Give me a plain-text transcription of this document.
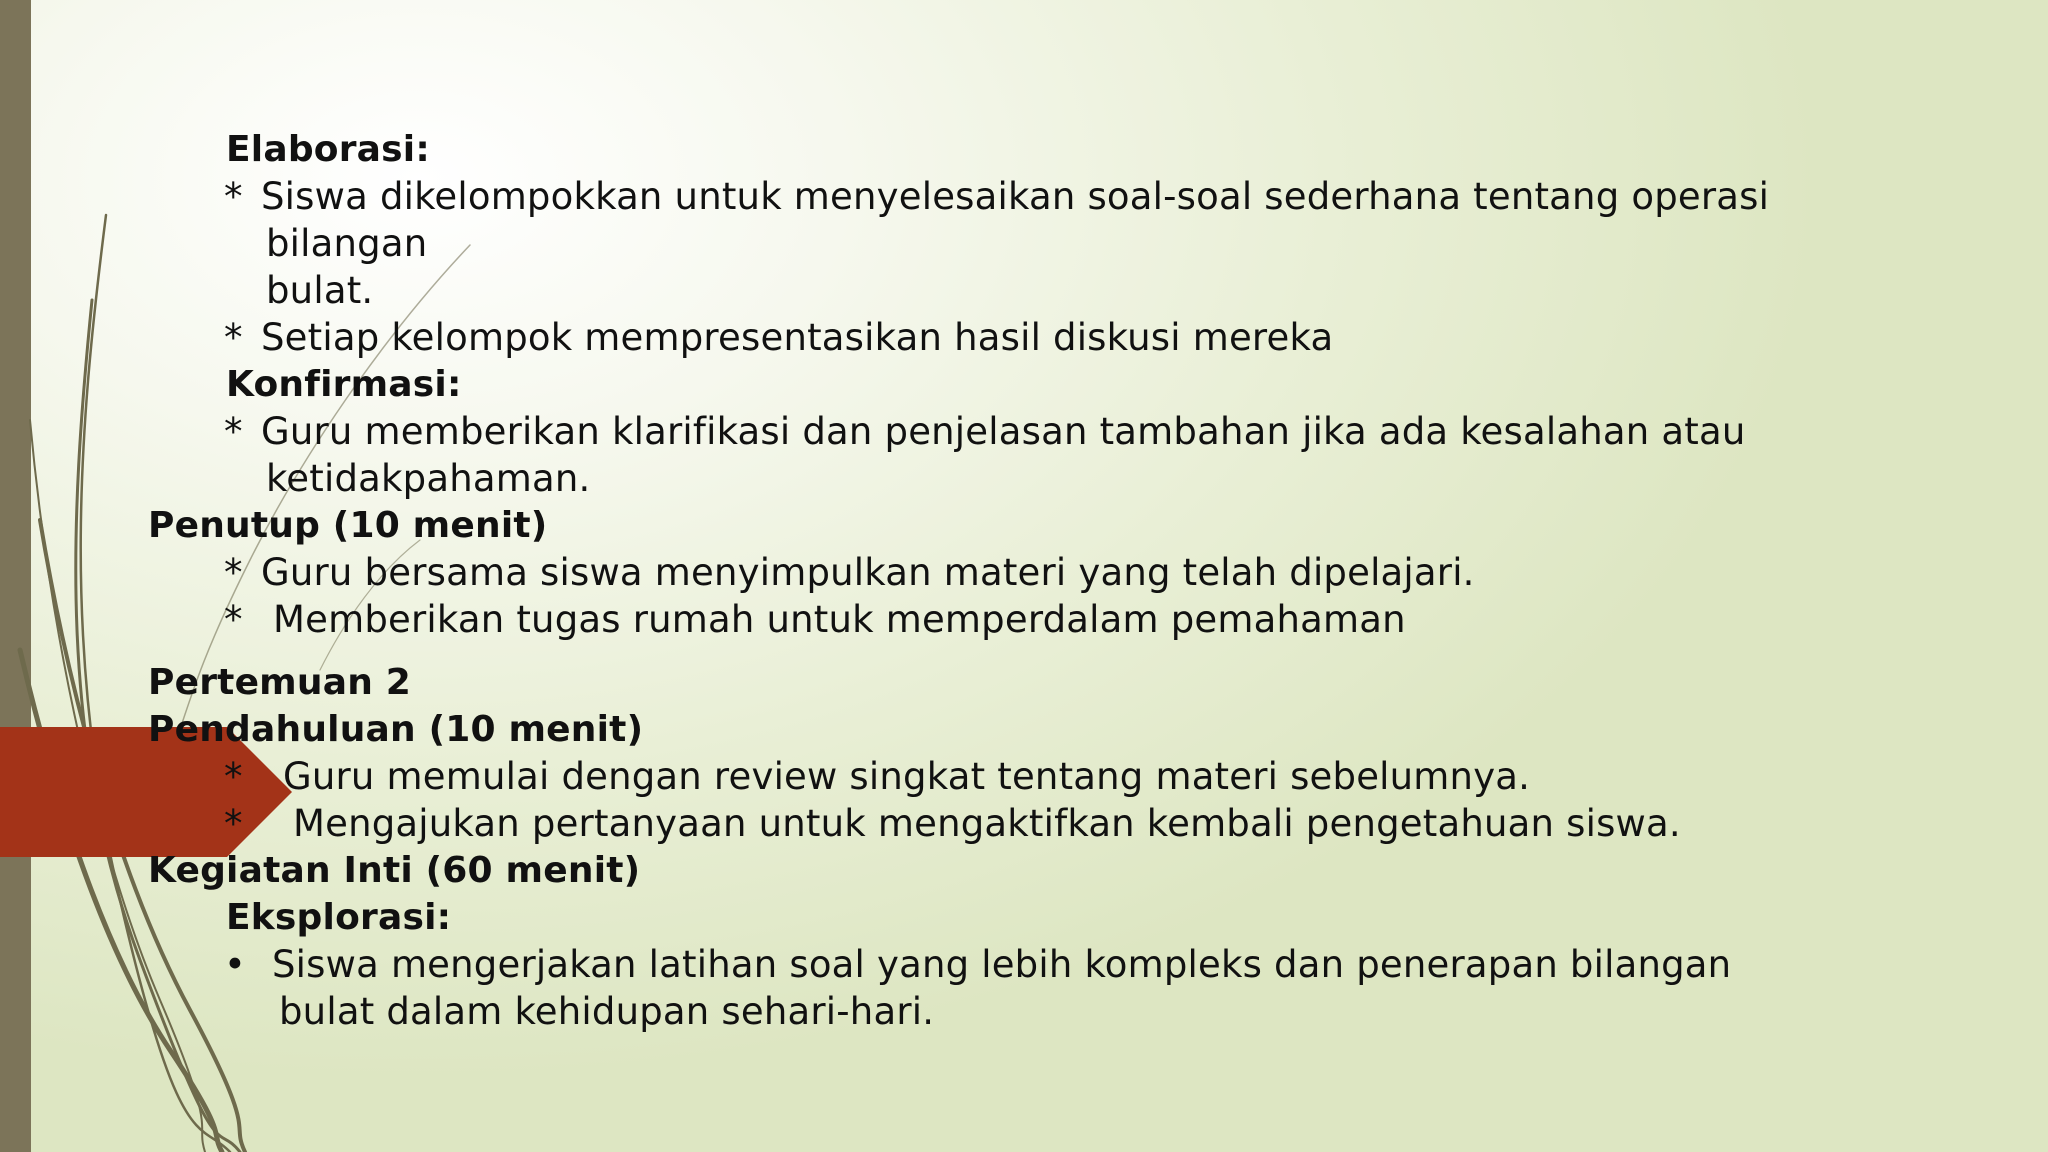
Elaborasi:
* Siswa dikelompokkan untuk menyelesaikan soal-soal sederhana tentang operasi
bilangan
bulat.
* Setiap kelompok mempresentasikan hasil diskusi mereka
Konfirmasi:
* Guru memberikan klarifikasi dan penjelasan tambahan jika ada kesalahan atau
ketidakpahaman.
Penutup (10 menit)
* Guru bersama siswa menyimpulkan materi yang telah dipelajari.
* Memberikan tugas rumah untuk memperdalam pemahaman
Pertemuan 2
Pendahuluan (10 menit)
* Guru memulai dengan review singkat tentang materi sebelumnya.
* Mengajukan pertanyaan untuk mengaktifkan kembali pengetahuan siswa.
Kegiatan Inti (60 menit)
Eksplorasi:
• Siswa mengerjakan latihan soal yang lebih kompleks dan penerapan bilangan
bulat dalam kehidupan sehari-hari.
